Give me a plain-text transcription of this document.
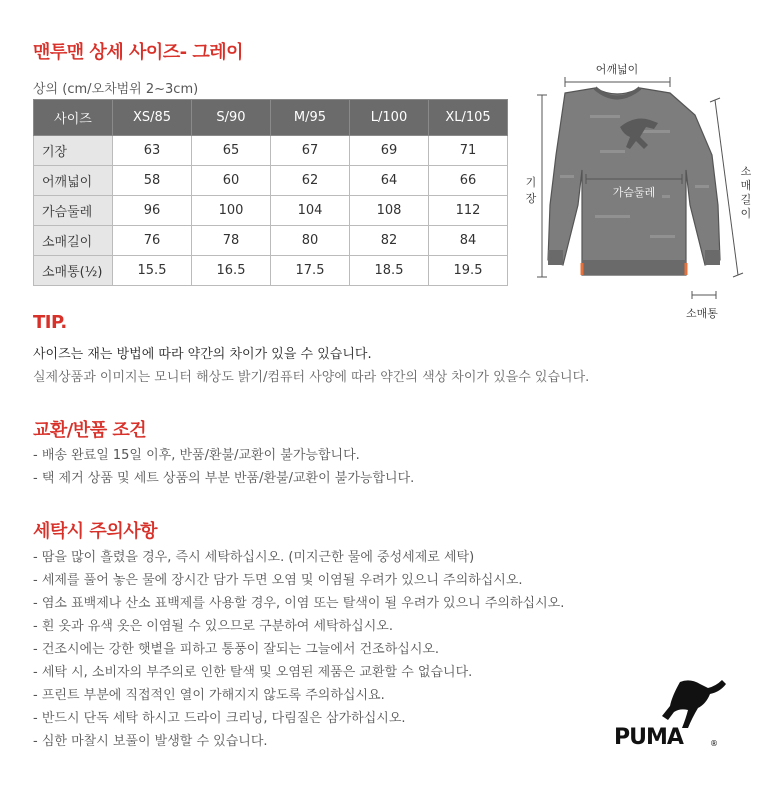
맨투맨 상세 사이즈- 그레이
상의 (cm/오차범위 2~3cm)
사이즈	XS/85	S/90	M/95	L/100	XL/105
기장	63	65	67	69	71
어깨넓이	58	60	62	64	66
가슴둘레	96	100	104	108	112
소매길이	76	78	80	82	84
소매통(½)	15.5	16.5	17.5	18.5	19.5
어깨넓이
가슴둘레
기
장
소
매
길
이
소매통
TIP.
사이즈는 재는 방법에 따라 약간의 차이가 있을 수 있습니다.
실제상품과 이미지는 모니터 해상도 밝기/컴퓨터 사양에 따라 약간의 색상 차이가 있을수 있습니다.
교환/반품 조건
- 배송 완료일 15일 이후, 반품/환불/교환이 불가능합니다.
- 택 제거 상품 및 세트 상품의 부분 반품/환불/교환이 불가능합니다.
세탁시 주의사항
- 땀을 많이 흘렸을 경우, 즉시 세탁하십시오. (미지근한 물에 중성세제로 세탁)
- 세제를 풀어 놓은 물에 장시간 담가 두면 오염 및 이염될 우려가 있으니 주의하십시오.
- 염소 표백제나 산소 표백제를 사용할 경우, 이염 또는 탈색이 될 우려가 있으니 주의하십시오.
- 흰 옷과 유색 옷은 이염될 수 있으므로 구분하여 세탁하십시오.
- 건조시에는 강한 햇볕을 피하고 통풍이 잘되는 그늘에서 건조하십시오.
- 세탁 시, 소비자의 부주의로 인한 탈색 및 오염된 제품은 교환할 수 없습니다.
- 프린트 부분에 직접적인 열이 가해지지 않도록 주의하십시요.
- 반드시 단독 세탁 하시고 드라이 크리닝, 다림질은 삼가하십시오.
- 심한 마찰시 보풀이 발생할 수 있습니다.	PUMA	®
